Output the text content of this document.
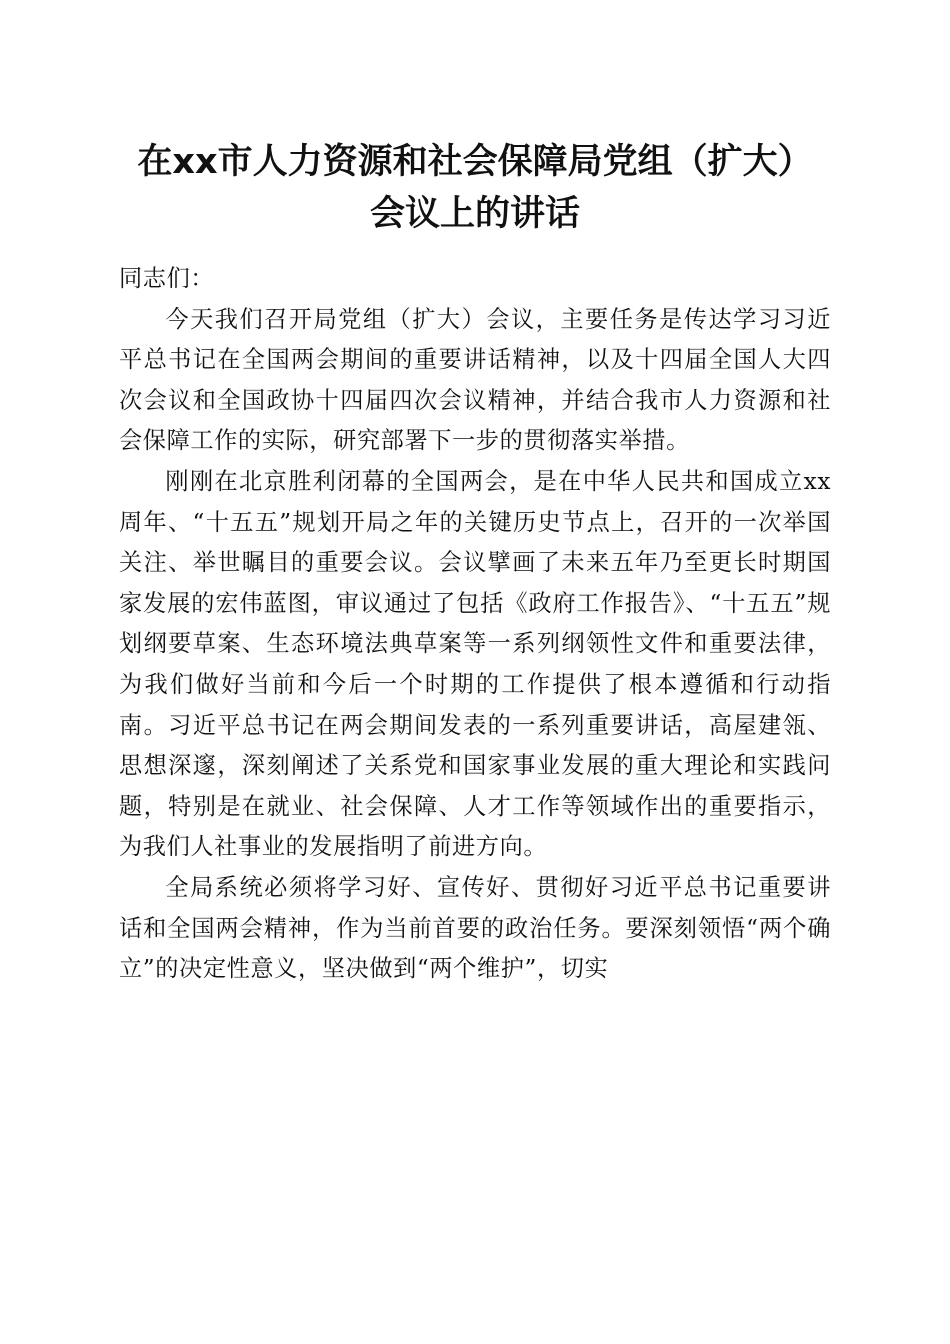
在xx市人力资源和社会保障局党组（扩大）
会议上的讲话

同志们：

今天我们召开局党组（扩大）会议，主要任务是传达学习习近平总书记在全国两会期间的重要讲话精神，以及十四届全国人大四次会议和全国政协十四届四次会议精神，并结合我市人力资源和社会保障工作的实际，研究部署下一步的贯彻落实举措。

刚刚在北京胜利闭幕的全国两会，是在中华人民共和国成立xx周年、“十五五”规划开局之年的关键历史节点上，召开的一次举国关注、举世瞩目的重要会议。会议擘画了未来五年乃至更长时期国家发展的宏伟蓝图，审议通过了包括《政府工作报告》、“十五五”规划纲要草案、生态环境法典草案等一系列纲领性文件和重要法律，为我们做好当前和今后一个时期的工作提供了根本遵循和行动指南。习近平总书记在两会期间发表的一系列重要讲话，高屋建瓴、思想深邃，深刻阐述了关系党和国家事业发展的重大理论和实践问题，特别是在就业、社会保障、人才工作等领域作出的重要指示，为我们人社事业的发展指明了前进方向。

全局系统必须将学习好、宣传好、贯彻好习近平总书记重要讲话和全国两会精神，作为当前首要的政治任务。要深刻领悟“两个确立”的决定性意义，坚决做到“两个维护”，切实
